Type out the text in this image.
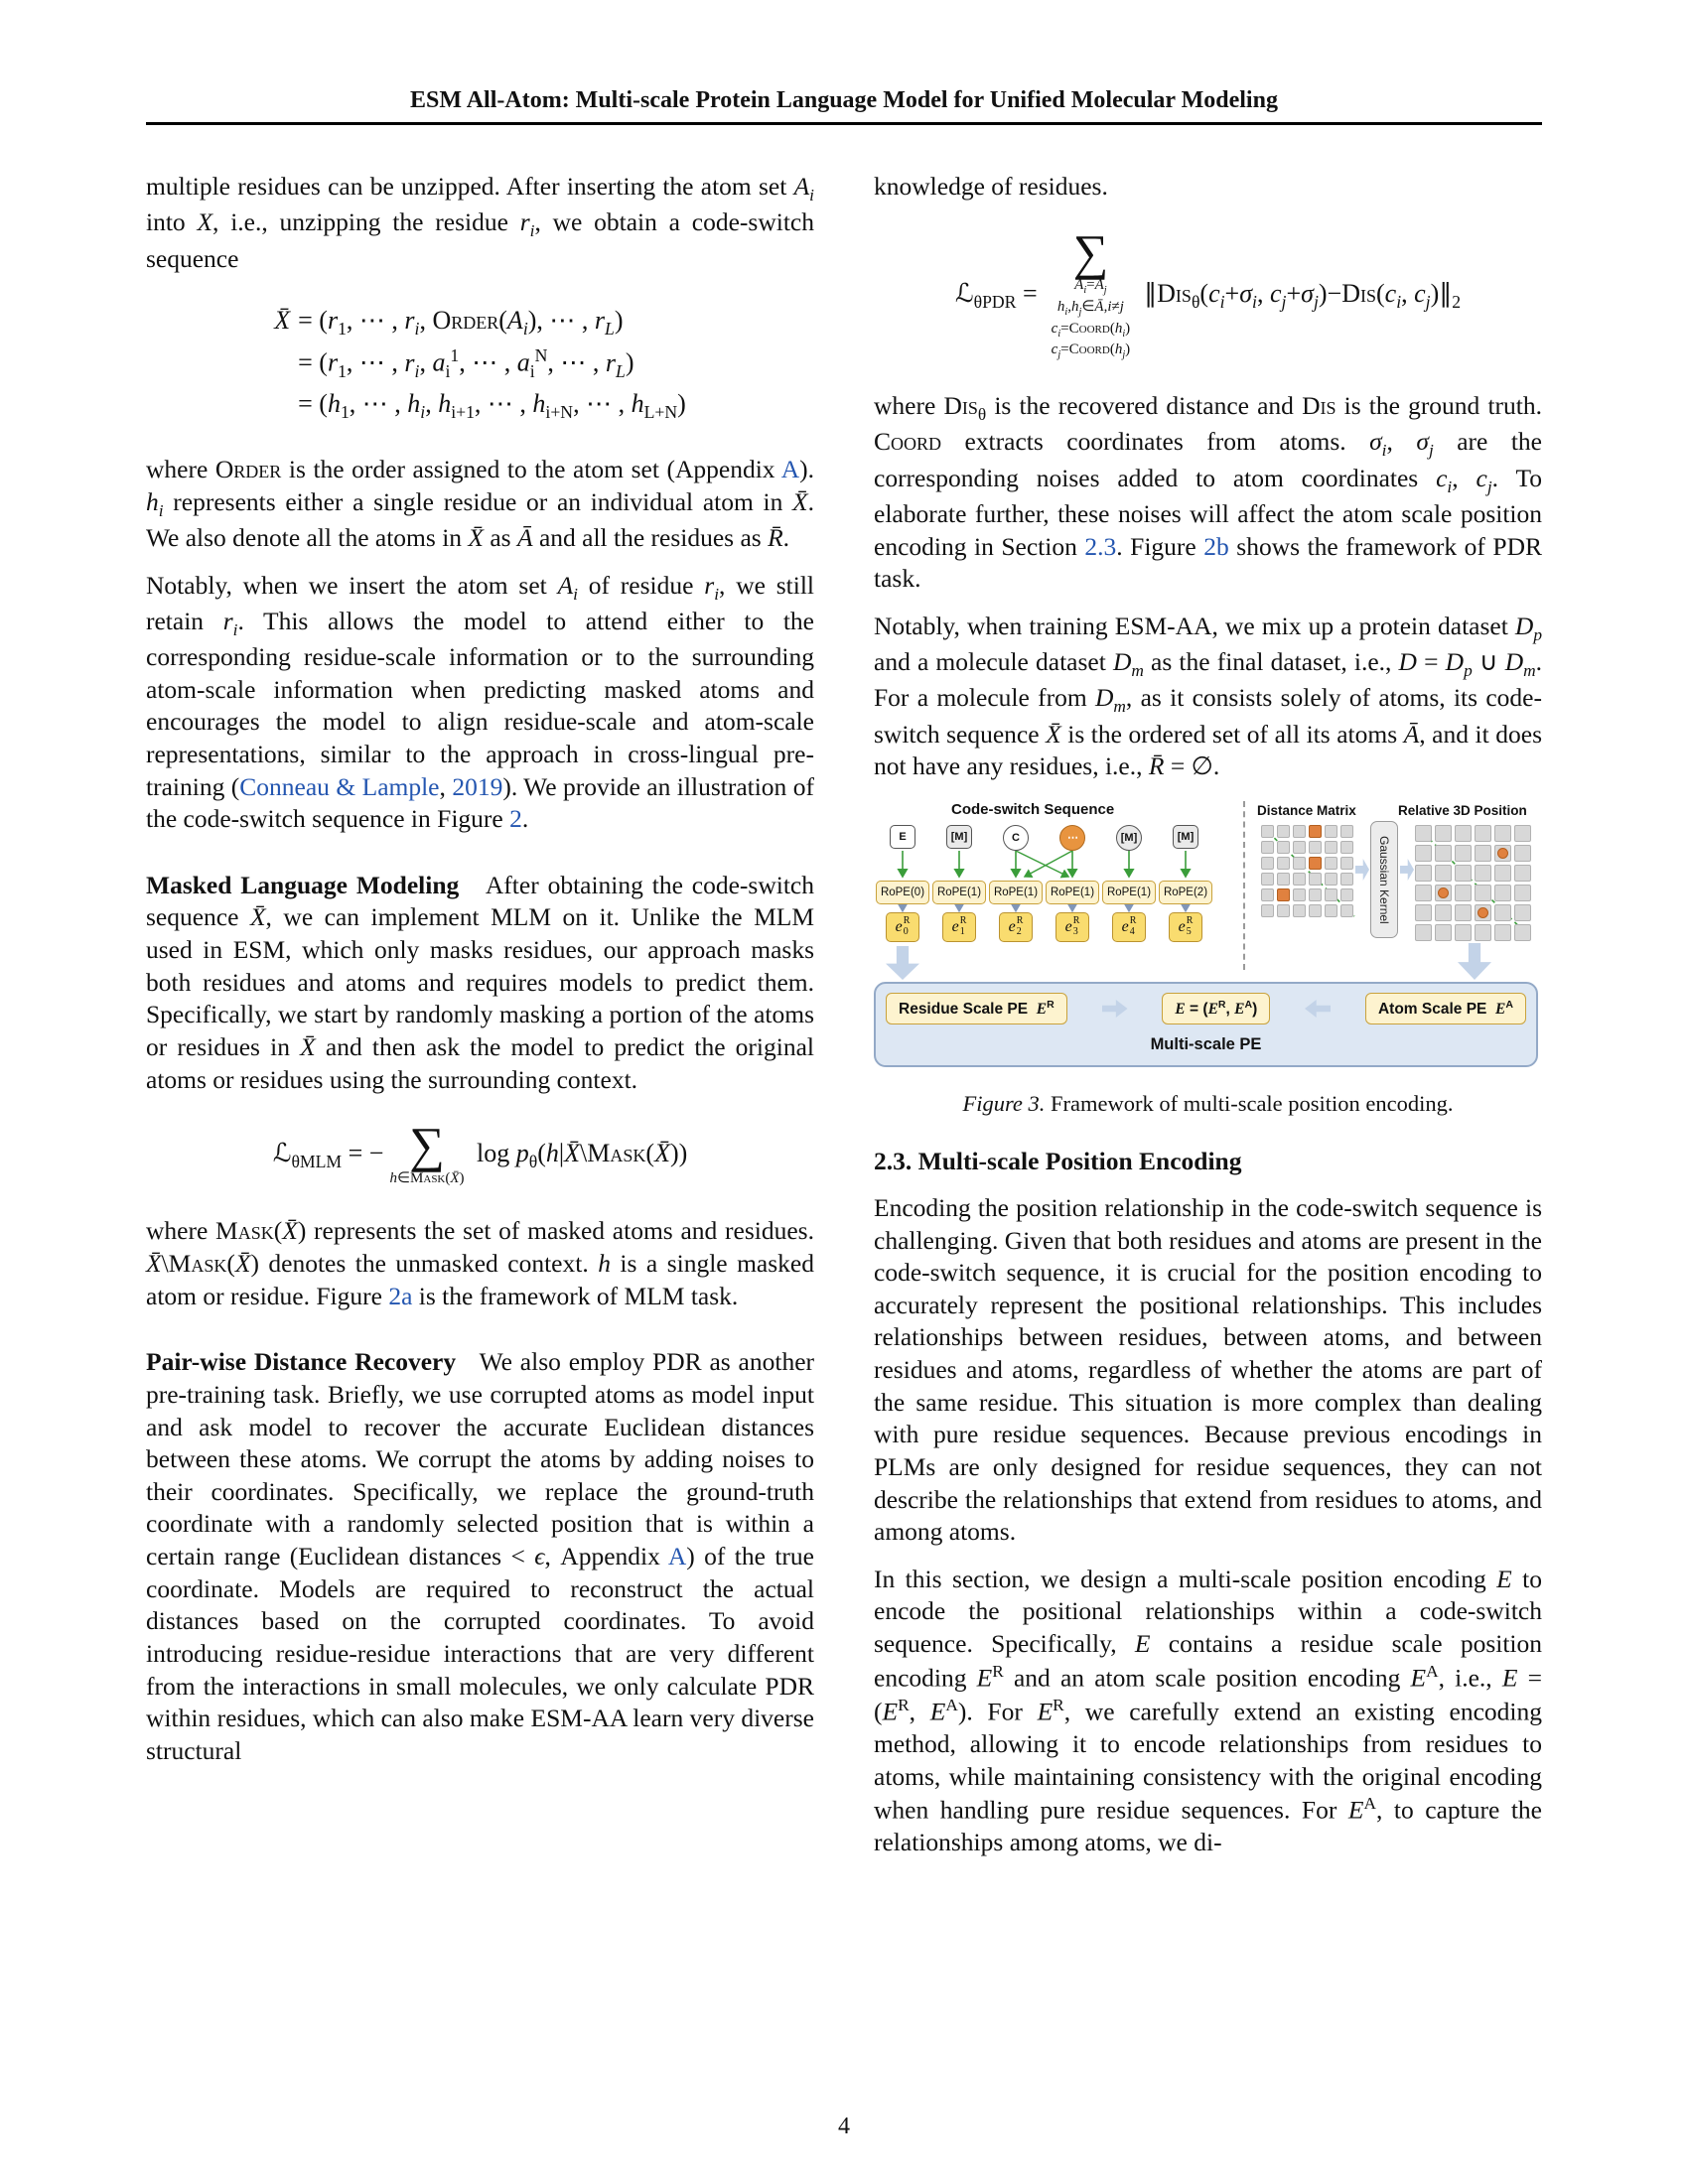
ESM All-Atom: Multi-scale Protein Language Model for Unified Molecular Modeling

multiple residues can be unzipped. After inserting the atom set $A_i$ into X, i.e., unzipping the residue $r_i$, we obtain a code-switch sequence

X̄ = ($r_1$, ⋯ , $r_i$, $Order(A_i)$, ⋯ , $r_L$)
= ($r_1$, ⋯ , $r_i$, $a_i^1$, ⋯ , $a_i^N$, ⋯ , $r_L$)
= ($h_1$, ⋯ , $h_i$, $h_{i+1}$, ⋯ , $h_{i+N}$, ⋯ , $h_{L+N}$)

where Order is the order assigned to the atom set (Appendix A). $h_i$ represents either a single residue or an individual atom in X̄. We also denote all the atoms in X̄ as Ā and all the residues as R̄.

Notably, when we insert the atom set $A_i$ of residue $r_i$, we still retain $r_i$. This allows the model to attend either to the corresponding residue-scale information or to the surrounding atom-scale information when predicting masked atoms and encourages the model to align residue-scale and atom-scale representations, similar to the approach in cross-lingual pre-training (Conneau & Lample, 2019). We provide an illustration of the code-switch sequence in Figure 2.

Masked Language Modeling   After obtaining the code-switch sequence X̄, we can implement MLM on it. Unlike the MLM used in ESM, which only masks residues, our approach masks both residues and atoms and requires models to predict them. Specifically, we start by randomly masking a portion of the atoms or residues in X̄ and then ask the model to predict the original atoms or residues using the surrounding context.

ℒ$_{\theta MLM}$ = − ∑
h∈Mask(X̄)
$\log p_\theta(h|X̄\backslash Mask(X̄))$

where Mask(X̄) represents the set of masked atoms and residues. X̄\Mask(X̄) denotes the unmasked context. h is a single masked atom or residue. Figure 2a is the framework of MLM task.

Pair-wise Distance Recovery   We also employ PDR as another pre-training task. Briefly, we use corrupted atoms as model input and ask model to recover the accurate Euclidean distances between these atoms. We corrupt the atoms by adding noises to their coordinates. Specifically, we replace the ground-truth coordinate with a randomly selected position that is within a certain range (Euclidean distances < ϵ, Appendix A) of the true coordinate. Models are required to reconstruct the actual distances based on the corrupted coordinates. To avoid introducing residue-residue interactions that are very different from the interactions in small molecules, we only calculate PDR within residues, which can also make ESM-AA learn very diverse structural

knowledge of residues.

ℒ$_{\theta PDR}$ =
∑
$A_i=A_j$
$h_i,h_j\in Ā,i\ne j$
$c_i=Coord(h_i)$
$c_j=Coord(h_j)$
$\parallel Dis_\theta(c_i+\sigma_i$, $c_j+\sigma_j)-Dis(c_i$, $c_j)\parallel_2$

where Dis$_\theta$ is the recovered distance and Dis is the ground truth. Coord extracts coordinates from atoms. $\sigma_i$, $\sigma_j$ are the corresponding noises added to atom coordinates $c_i$, $c_j$. To elaborate further, these noises will affect the atom scale position encoding in Section 2.3. Figure 2b shows the framework of PDR task.

Notably, when training ESM-AA, we mix up a protein dataset $D_p$ and a molecule dataset $D_m$ as the final dataset, i.e., $D = D_p$ ∪ $D_m$. For a molecule from $D_m$, as it consists solely of atoms, its code-switch sequence X̄ is the ordered set of all its atoms Ā, and it does not have any residues, i.e., R̄ = ∅.

Code-switch Sequence	Distance Matrix	Relative 3D Position
E	[M]	C	⋯	[M]	[M]
RoPE(0)	RoPE(1)	RoPE(1)	RoPE(1)	RoPE(1)	RoPE(2)
e R
0	e R
1	e R
2	e R
3	e R
4	e R
5
Gaussian Kernel
Residue Scale PE  $E^R$	$E = (E^R$, $E^A$)	Atom Scale PE  $E^A$
Multi-scale PE
Figure 3. Framework of multi-scale position encoding.
2.3. Multi-scale Position Encoding

Encoding the position relationship in the code-switch sequence is challenging. Given that both residues and atoms are present in the code-switch sequence, it is crucial for the position encoding to accurately represent the positional relationships. This includes relationships between residues, between atoms, and between residues and atoms, regardless of whether the atoms are part of the same residue. This situation is more complex than dealing with pure residue sequences. Because previous encodings in PLMs are only designed for residue sequences, they can not describe the relationships that extend from residues to atoms, and among atoms.

In this section, we design a multi-scale position encoding E to encode the positional relationships within a code-switch sequence. Specifically, E contains a residue scale position encoding $E^R$ and an atom scale position encoding $E^A$, i.e., $E = (E^R$, $E^A$). For $E^R$, we carefully extend an existing encoding method, allowing it to encode relationships from residues to atoms, while maintaining consistency with the original encoding when handling pure residue sequences. For $E^A$, to capture the relationships among atoms, we di-

4
